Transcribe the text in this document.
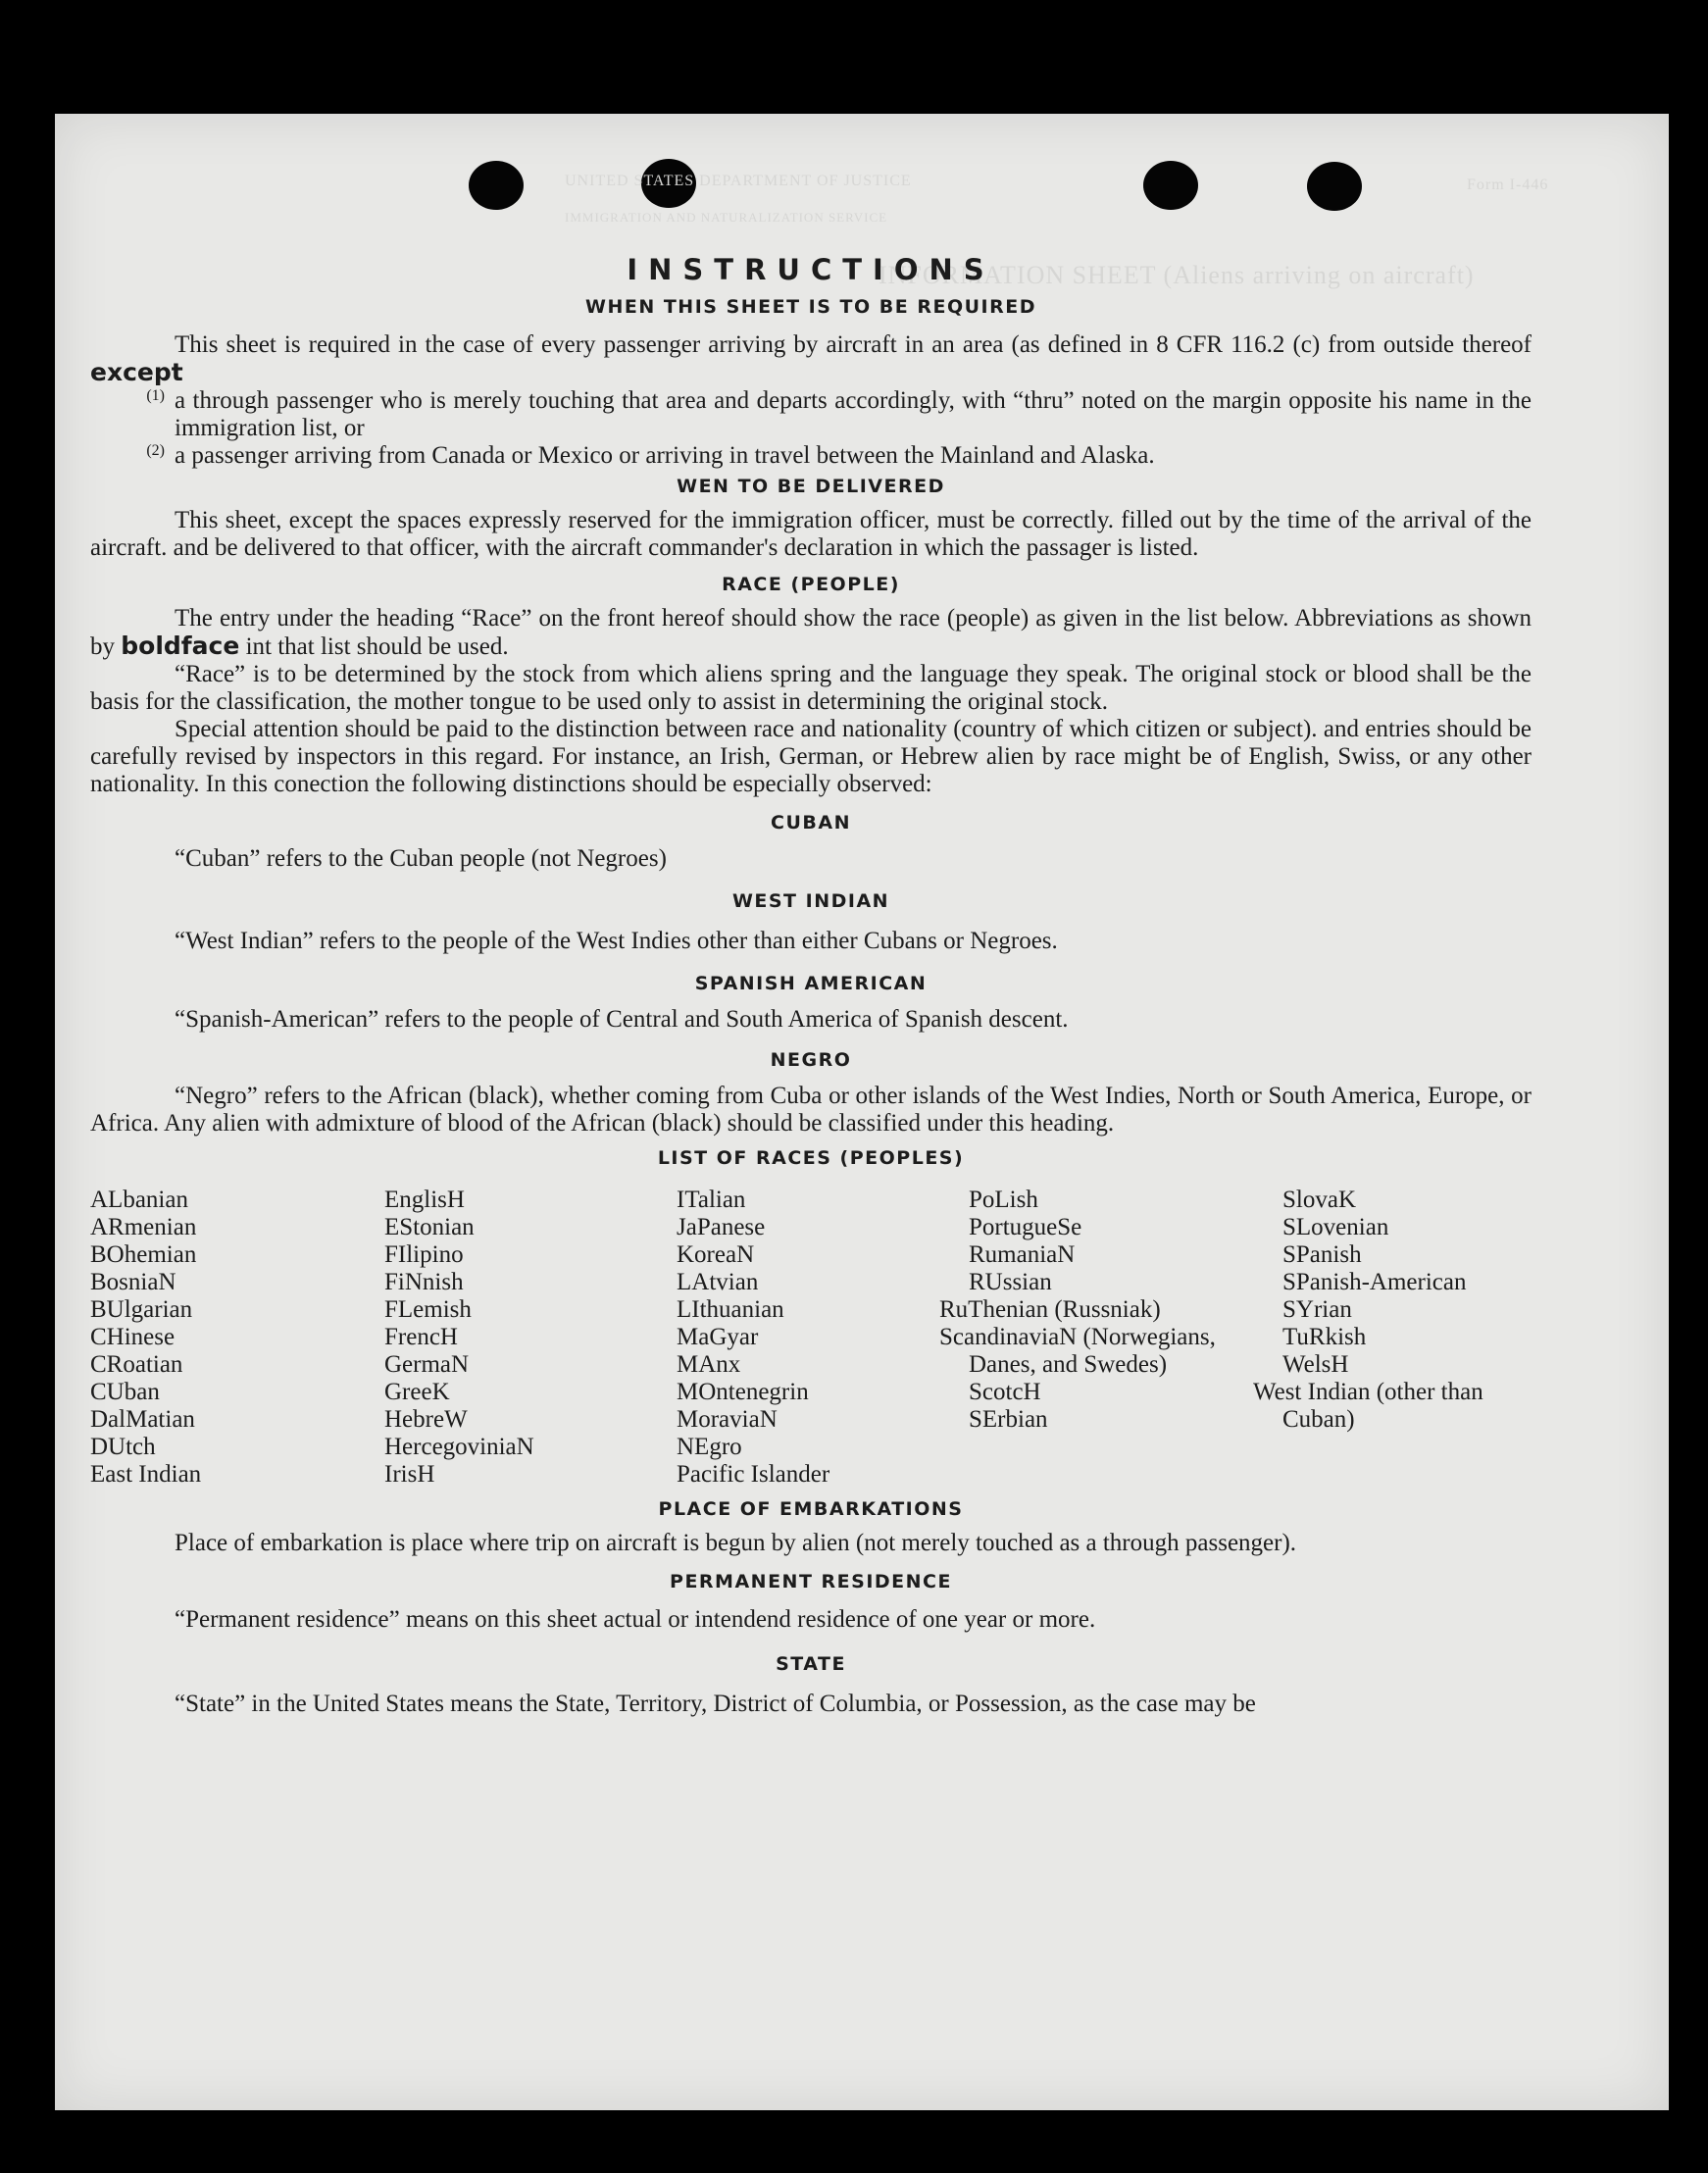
UNITED STATES DEPARTMENT OF JUSTICE
IMMIGRATION AND NATURALIZATION SERVICE
Form I-446
INFORMATION SHEET (Aliens arriving on aircraft)
INSTRUCTIONS
WHEN THIS SHEET IS TO BE REQUIRED

This sheet is required in the case of every passenger arriving by aircraft in an area (as defined in 8 CFR 116.2 (c) from outside thereof except

(1) a through passenger who is merely touching that area and departs accordingly, with “thru” noted on the margin opposite his name in the immigration list, or

(2) a passenger arriving from Canada or Mexico or arriving in travel between the Mainland and Alaska.

WEN TO BE DELIVERED

This sheet, except the spaces expressly reserved for the immigration officer, must be correctly. filled out by the time of the arrival of the aircraft. and be delivered to that officer, with the aircraft commander's declaration in which the passager is listed.

RACE (PEOPLE)

The entry under the heading “Race” on the front hereof should show the race (people) as given in the list below. Abbreviations as shown by boldface int that list should be used.

“Race” is to be determined by the stock from which aliens spring and the language they speak. The original stock or blood shall be the basis for the classification, the mother tongue to be used only to assist in determining the original stock.

Special attention should be paid to the distinction between race and nationality (country of which citizen or subject). and entries should be carefully revised by inspectors in this regard. For instance, an Irish, German, or Hebrew alien by race might be of English, Swiss, or any other nationality. In this conection the following distinctions should be especially observed:

CUBAN

“Cuban” refers to the Cuban people (not Negroes)

WEST INDIAN

“West Indian” refers to the people of the West Indies other than either Cubans or Negroes.

SPANISH AMERICAN

“Spanish-American” refers to the people of Central and South America of Spanish descent.

NEGRO

“Negro” refers to the African (black), whether coming from Cuba or other islands of the West Indies, North or South America, Europe, or Africa. Any alien with admixture of blood of the African (black) should be classified under this heading.

LIST OF RACES (PEOPLES)
ALbanian
ARmenian
BOhemian
BosniaN
BUlgarian
CHinese
CRoatian
CUban
DalMatian
DUtch
East Indian
EnglisH
EStonian
FIlipino
FiNnish
FLemish
FrencH
GermaN
GreeK
HebreW
HercegoviniaN
IrisH
ITalian
JaPanese
KoreaN
LAtvian
LIthuanian
MaGyar
MAnx
MOntenegrin
MoraviaN
NEgro
Pacific Islander
PoLish
PortugueSe
RumaniaN
RUssian
RuThenian (Russniak)
ScandinaviaN (Norwegians, Danes, and Swedes)
ScotcH
SErbian
SlovaK
SLovenian
SPanish
SPanish-American
SYrian
TuRkish
WelsH
West Indian (other than Cuban)
PLACE OF EMBARKATIONS

Place of embarkation is place where trip on aircraft is begun by alien (not merely touched as a through passenger).

PERMANENT RESIDENCE

“Permanent residence” means on this sheet actual or intendend residence of one year or more.

STATE

“State” in the United States means the State, Territory, District of Columbia, or Possession, as the case may be
